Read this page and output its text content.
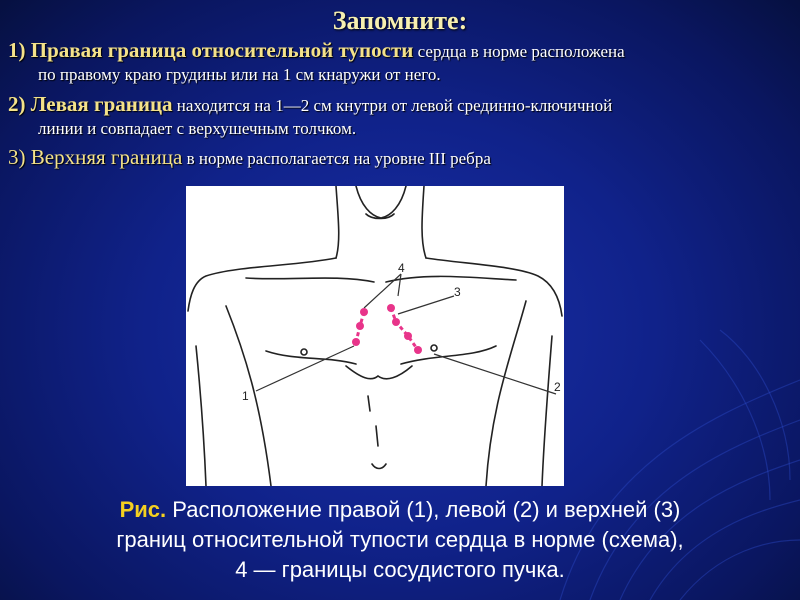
Запомните:
1) Правая граница относительной тупости сердца в норме расположена
по правому краю грудины или на 1 см кнаружи от него.
2) Левая граница находится на 1—2 см кнутри от левой срединно-ключичной
линии и совпадает с верхушечным толчком.
3) Верхняя граница в норме располагается на уровне III ребра
1
2
3
4
Рис. Расположение правой (1), левой (2) и верхней (3)
границ относительной тупости сердца в норме (схема),
4 — границы сосудистого пучка.
